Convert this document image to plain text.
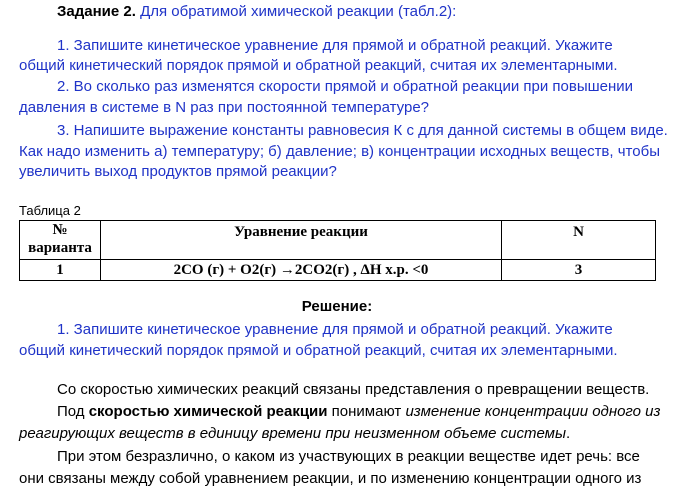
Задание 2. Для обратимой химической реакции (табл.2):
1. Запишите кинетическое уравнение для прямой и обратной реакций. Укажите
общий кинетический порядок прямой и обратной реакций, считая их элементарными.
2. Во сколько раз изменятся скорости прямой и обратной реакции при повышении
давления в системе в N раз при постоянной температуре?
3. Напишите выражение константы равновесия К с для данной системы в общем виде.
Как надо изменить а) температуру; б) давление; в) концентрации исходных веществ, чтобы
увеличить выход продуктов прямой реакции?
Таблица 2
№
варианта	Уравнение реакции	N
1	2CO (г) + O2(г) →2CO2(г) , ΔH х.р. <0	3
Решение:
1. Запишите кинетическое уравнение для прямой и обратной реакций. Укажите
общий кинетический порядок прямой и обратной реакций, считая их элементарными.
Со скоростью химических реакций связаны представления о превращении веществ.
Под скоростью химической реакции понимают изменение концентрации одного из
реагирующих веществ в единицу времени при неизменном объеме системы.
При этом безразлично, о каком из участвующих в реакции веществе идет речь: все
они связаны между собой уравнением реакции, и по изменению концентрации одного из
